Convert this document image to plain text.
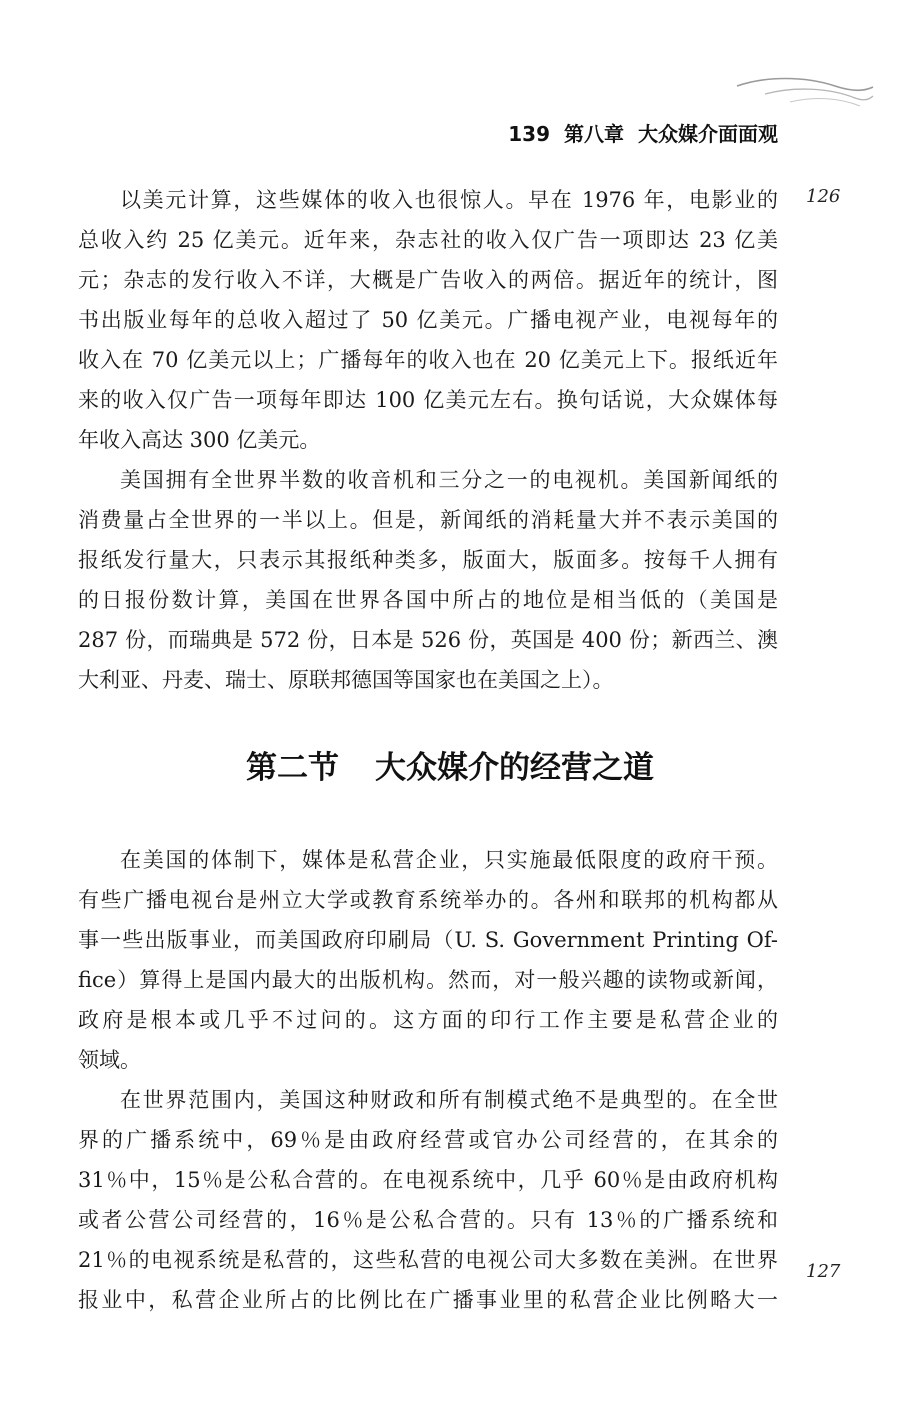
139 第八章 大众媒介面面观
126
127
以美元计算，这些媒体的收入也很惊人。早在 1976 年，电影业的
总收入约 25 亿美元。近年来，杂志社的收入仅广告一项即达 23 亿美
元；杂志的发行收入不详，大概是广告收入的两倍。据近年的统计，图
书出版业每年的总收入超过了 50 亿美元。广播电视产业，电视每年的
收入在 70 亿美元以上；广播每年的收入也在 20 亿美元上下。报纸近年
来的收入仅广告一项每年即达 100 亿美元左右。换句话说，大众媒体每
年收入高达 300 亿美元。
美国拥有全世界半数的收音机和三分之一的电视机。美国新闻纸的
消费量占全世界的一半以上。但是，新闻纸的消耗量大并不表示美国的
报纸发行量大，只表示其报纸种类多，版面大，版面多。按每千人拥有
的日报份数计算，美国在世界各国中所占的地位是相当低的（美国是
287 份，而瑞典是 572 份，日本是 526 份，英国是 400 份；新西兰、澳
大利亚、丹麦、瑞士、原联邦德国等国家也在美国之上）。
第二节 大众媒介的经营之道
在美国的体制下，媒体是私营企业，只实施最低限度的政府干预。
有些广播电视台是州立大学或教育系统举办的。各州和联邦的机构都从
事一些出版事业，而美国政府印刷局（U. S. Government Printing Of-
fice）算得上是国内最大的出版机构。然而，对一般兴趣的读物或新闻，
政府是根本或几乎不过问的。这方面的印行工作主要是私营企业的
领域。
在世界范围内，美国这种财政和所有制模式绝不是典型的。在全世
界的广播系统中，69％是由政府经营或官办公司经营的，在其余的
31％中，15％是公私合营的。在电视系统中，几乎 60％是由政府机构
或者公营公司经营的，16％是公私合营的。只有 13％的广播系统和
21％的电视系统是私营的，这些私营的电视公司大多数在美洲。在世界
报业中，私营企业所占的比例比在广播事业里的私营企业比例略大一
